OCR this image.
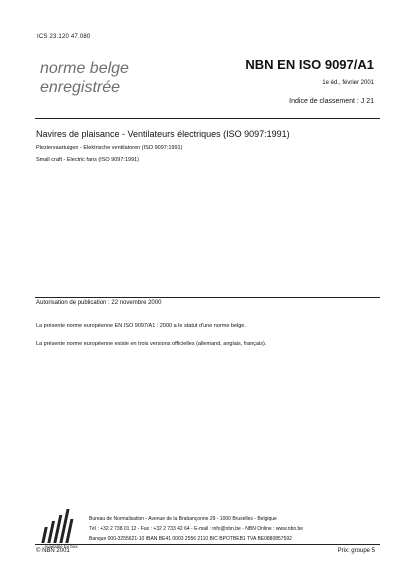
ICS 23.120 47.080
norme belge
enregistrée
NBN EN ISO 9097/A1
1e éd., février 2001
Indice de classement : J 21
Navires de plaisance - Ventilateurs électriques (ISO 9097:1991)
Pleziervaartuigen - Elektrische ventilatoren (ISO 9097:1991)
Small craft - Electric fans (ISO 9097:1991)
Autorisation de publication : 22 novembre 2000
La présente norme européenne EN ISO 9097/A1 : 2000 a le statut d'une norme belge.
La présente norme européenne existe en trois versions officielles (allemand, anglais, français).
Available for box
Bureau de Normalisation - Avenue de la Brabançonne 29 - 1000 Bruxelles - Belgique
Tél : +32 2 738 01 12 - Fax : +32 2 733 42 64 - E-mail : info@nbn.be - NBN Online : www.nbn.be
Banque 000-3255621-10 IBAN BE41 0003 2556 2110 BIC BPOTBEB1 TVA BE0880857592
© NBN 2001	Prix: groupe 5
